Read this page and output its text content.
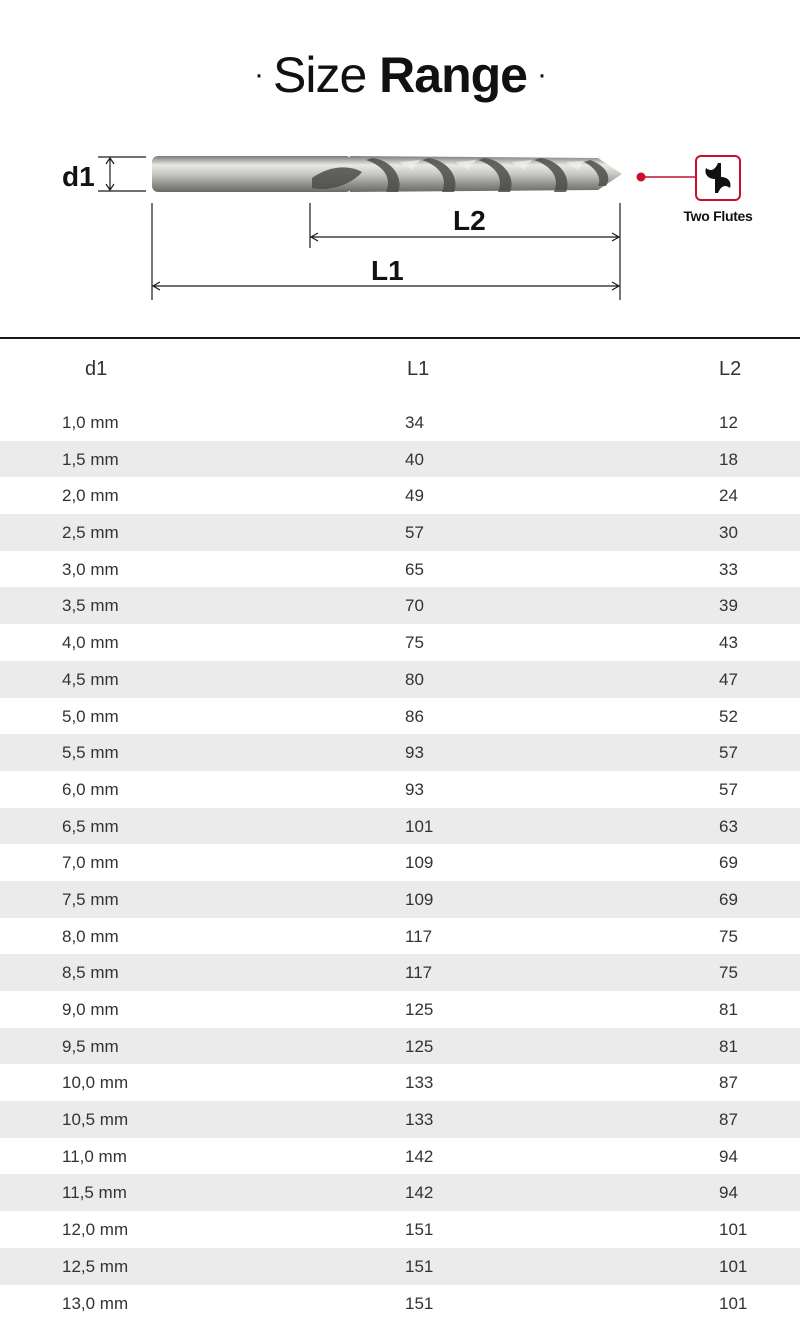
· Size Range ·
d1
L2
L1
Two Flutes
d1	L1	L2
1,0 mm	34	12
1,5 mm	40	18
2,0 mm	49	24
2,5 mm	57	30
3,0 mm	65	33
3,5 mm	70	39
4,0 mm	75	43
4,5 mm	80	47
5,0 mm	86	52
5,5 mm	93	57
6,0 mm	93	57
6,5 mm	101	63
7,0 mm	109	69
7,5 mm	109	69
8,0 mm	117	75
8,5 mm	117	75
9,0 mm	125	81
9,5 mm	125	81
10,0 mm	133	87
10,5 mm	133	87
11,0 mm	142	94
11,5 mm	142	94
12,0 mm	151	101
12,5 mm	151	101
13,0 mm	151	101
